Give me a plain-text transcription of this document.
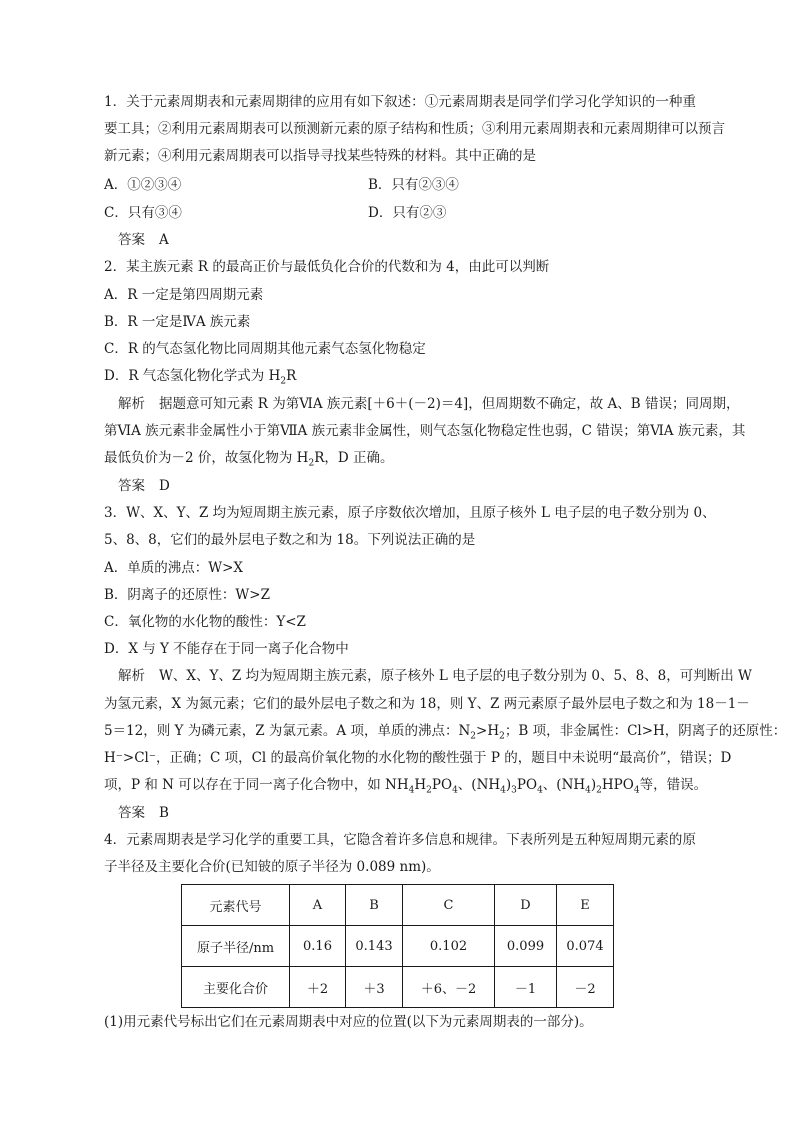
1．关于元素周期表和元素周期律的应用有如下叙述：①元素周期表是同学们学习化学知识的一种重
要工具；②利用元素周期表可以预测新元素的原子结构和性质；③利用元素周期表和元素周期律可以预言
新元素；④利用元素周期表可以指导寻找某些特殊的材料。其中正确的是
A．①②③④	B．只有②③④
C．只有③④	D．只有②③
答案 A
2．某主族元素 R 的最高正价与最低负化合价的代数和为 4，由此可以判断
A．R 一定是第四周期元素
B．R 一定是ⅣA 族元素
C．R 的气态氢化物比同周期其他元素气态氢化物稳定
D．R 气态氢化物化学式为 $H_2R$
解析 据题意可知元素 R 为第ⅥA 族元素[＋6＋(－2)＝4]，但周期数不确定，故 A、B 错误；同周期，
第ⅥA 族元素非金属性小于第ⅦA 族元素非金属性，则气态氢化物稳定性也弱，C 错误；第ⅥA 族元素，其
最低负价为－2 价，故氢化物为 $H_2R$，D 正确。
答案 D
3．W、X、Y、Z 均为短周期主族元素，原子序数依次增加，且原子核外 L 电子层的电子数分别为 0、
5、8、8，它们的最外层电子数之和为 18。下列说法正确的是
A．单质的沸点：W>X
B．阴离子的还原性：W>Z
C．氧化物的水化物的酸性：Y<Z
D．X 与 Y 不能存在于同一离子化合物中
解析 W、X、Y、Z 均为短周期主族元素，原子核外 L 电子层的电子数分别为 0、5、8、8，可判断出 W
为氢元素，X 为氮元素；它们的最外层电子数之和为 18，则 Y、Z 两元素原子最外层电子数之和为 18－1－
5＝12，则 Y 为磷元素，Z 为氯元素。A 项，单质的沸点：$N_2>H_2$；B 项，非金属性：Cl>H，阴离子的还原性：
H⁻>Cl⁻，正确；C 项，Cl 的最高价氧化物的水化物的酸性强于 P 的，题目中未说明“最高价”，错误；D
项，P 和 N 可以存在于同一离子化合物中，如 $NH_4H_2PO_4$、$(NH_4)_3PO_4$、$(NH_4)_2HPO_4$等，错误。
答案 B
4．元素周期表是学习化学的重要工具，它隐含着许多信息和规律。下表所列是五种短周期元素的原
子半径及主要化合价(已知铍的原子半径为 0.089 nm)。
元素代号	A	B	C	D	E
原子半径/nm	0.16	0.143	0.102	0.099	0.074
主要化合价	＋2	＋3	＋6、－2	－1	－2
(1)用元素代号标出它们在元素周期表中对应的位置(以下为元素周期表的一部分)。
